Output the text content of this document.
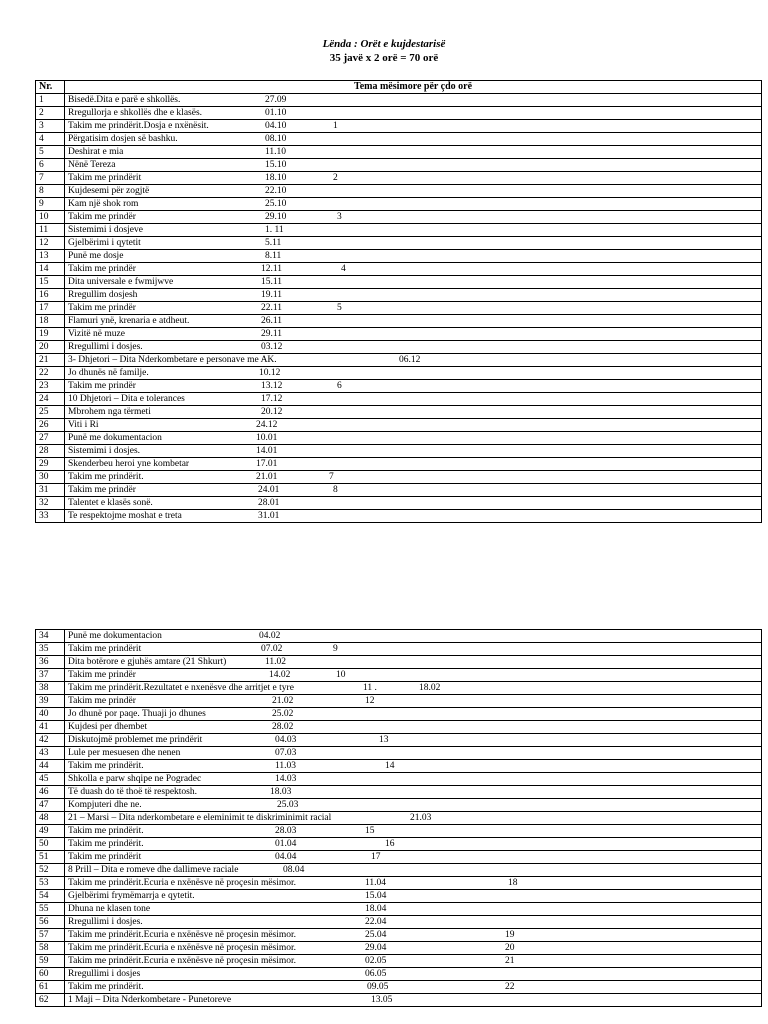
Lënda : Orët e kujdestarisë
35 javë x 2 orë = 70 orë
Nr.	Tema mësimore për çdo orë
1	Bisedë.Dita e parë e shkollës. 27.09

2	Rregullorja e shkollës dhe e klasës. 01.10

3	Takim me prindërit.Dosja e nxënësit. 04.10 1

4	Përgatisim dosjen së bashku. 08.10

5	Deshirat e mia 11.10

6	Nënë Tereza 15.10

7	Takim me prindërit 18.10 2

8	Kujdesemi për zogjtë 22.10

9	Kam një shok rom 25.10

10	Takim me prindër 29.10 3

11	Sistemimi i dosjeve 1. 11

12	Gjelbërimi i qytetit 5.11

13	Punë me dosje 8.11

14	Takim me prindër 12.11 4

15	Dita universale e fwmijwve 15.11

16	Rregullim dosjesh 19.11

17	Takim me prindër 22.11 5

18	Flamuri ynë, krenaria e atdheut. 26.11

19	Vizitë në muze 29.11

20	Rregullimi i dosjes. 03.12

21	3- Dhjetori – Dita Nderkombetare e personave me AK. 06.12

22	Jo dhunës në familje. 10.12

23	Takim me prindër 13.12 6

24	10 Dhjetori – Dita e tolerances 17.12

25	Mbrohem nga tërmeti 20.12

26	Viti i Ri 24.12

27	Punë me dokumentacion 10.01

28	Sistemimi i dosjes. 14.01

29	Skenderbeu heroi yne kombetar 17.01

30	Takim me prindërit. 21.01 7

31	Takim me prindër 24.01 8

32	Talentet e klasës sonë. 28.01

33	Te respektojme moshat e treta 31.01
34	Punë me dokumentacion 04.02

35	Takim me prindërit 07.02 9

36	Dita botërore e gjuhës amtare (21 Shkurt) 11.02

37	Takim me prindër 14.02 10

38	Takim me prindërit.Rezultatet e nxenësve dhe arritjet e tyre 11 . 18.02

39	Takim me prindër 21.02 12

40	Jo dhunë por paqe. Thuaji jo dhunes 25.02

41	Kujdesi per dhembet 28.02

42	Diskutojmë problemet me prindërit 04.03 13

43	Lule per mesuesen dhe nenen 07.03

44	Takim me prindërit. 11.03 14

45	Shkolla e parw shqipe ne Pogradec 14.03

46	Të duash do të thoë të respektosh. 18.03

47	Kompjuteri dhe ne. 25.03

48	21 – Marsi – Dita nderkombetare e eleminimit te diskriminimit racial 21.03

49	Takim me prindërit. 28.03 15

50	Takim me prindërit. 01.04 16

51	Takim me prindërit 04.04 17

52	8 Prill – Dita e romeve dhe dallimeve raciale 08.04

53	Takim me prindërit.Ecuria e nxënësve në proçesin mësimor. 11.04 18

54	Gjelbërimi frymëmarrja e qytetit. 15.04

55	Dhuna ne klasen tone 18.04

56	Rregullimi i dosjes. 22.04

57	Takim me prindërit.Ecuria e nxënësve në proçesin mësimor. 25.04 19

58	Takim me prindërit.Ecuria e nxënësve në proçesin mësimor. 29.04 20

59	Takim me prindërit.Ecuria e nxënësve në proçesin mësimor. 02.05 21

60	Rregullimi i dosjes 06.05

61	Takim me prindërit. 09.05 22

62	1 Maji – Dita Nderkombetare - Punetoreve 13.05
